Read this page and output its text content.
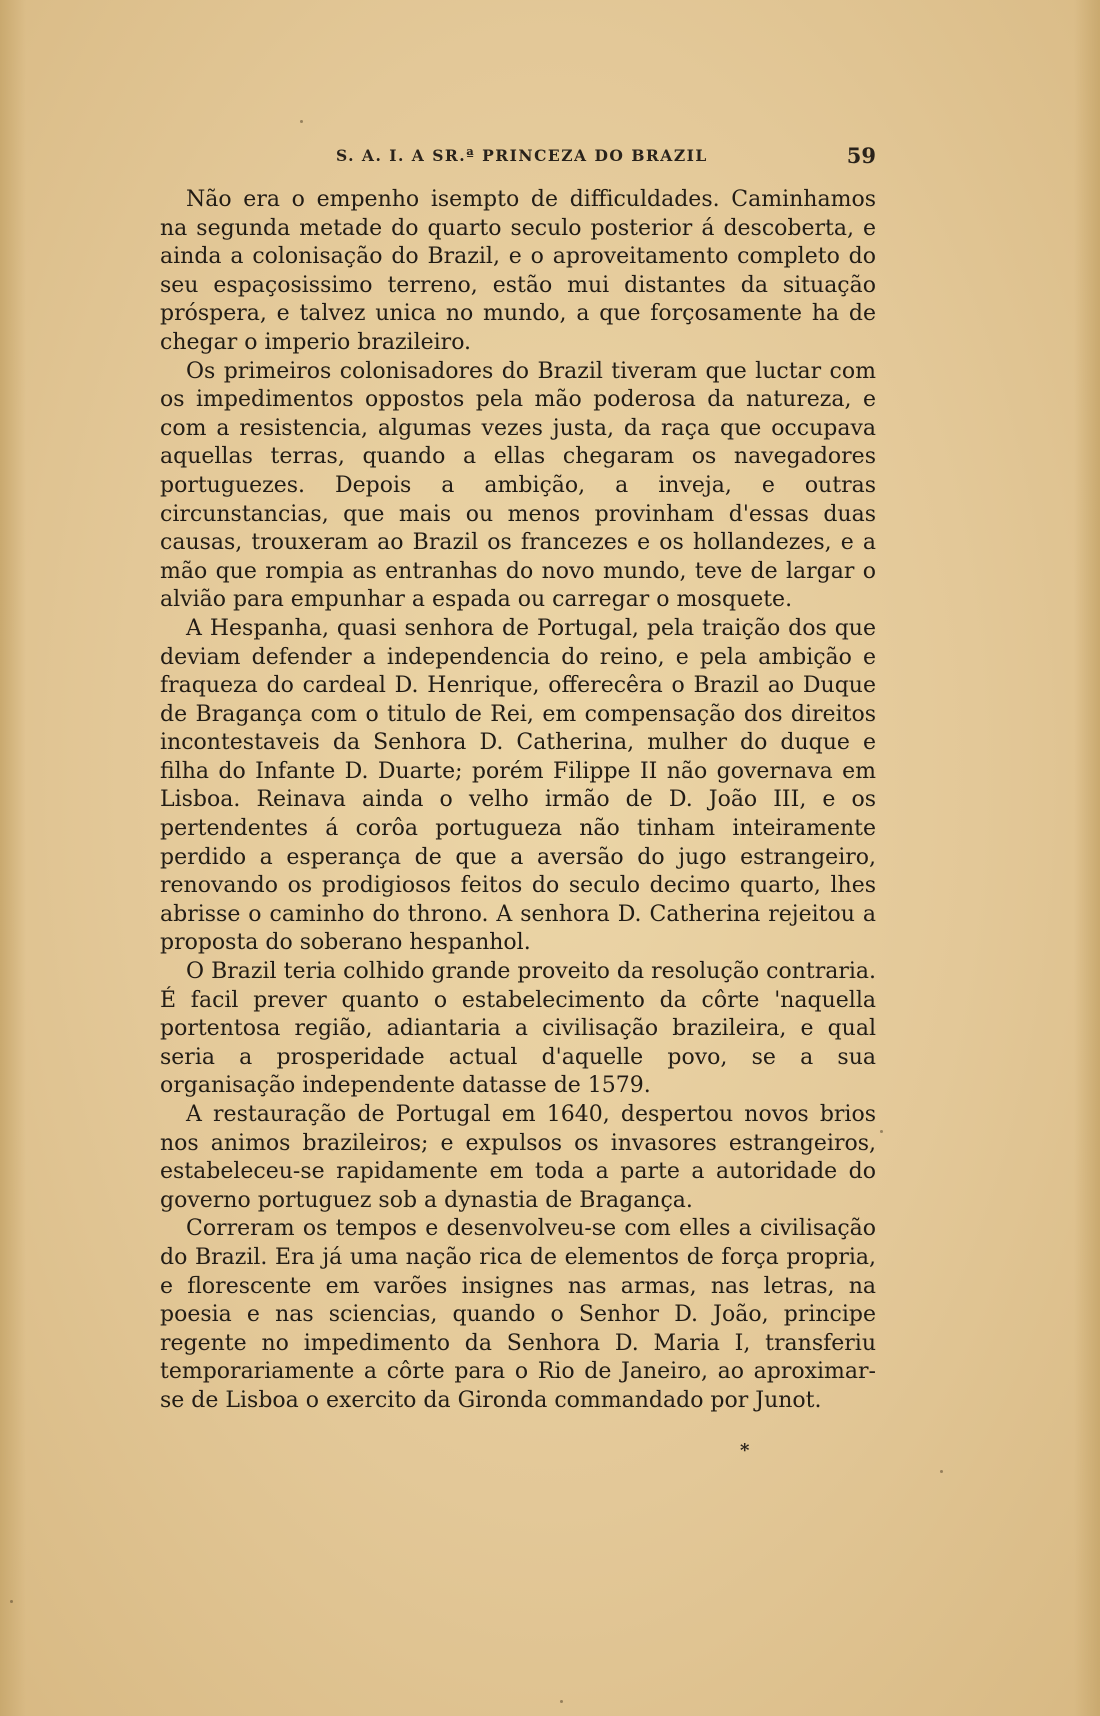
S. A. I. A SR.ª PRINCEZA DO BRAZIL	59

Não era o empenho isempto de difficuldades. Caminhamos na segunda metade do quarto seculo posterior á descoberta, e ainda a colonisação do Brazil, e o aproveitamento completo do seu espaçosissimo terreno, estão mui distantes da situação próspera, e talvez unica no mundo, a que forçosamente ha de chegar o imperio brazileiro.

Os primeiros colonisadores do Brazil tiveram que luctar com os impedimentos oppostos pela mão poderosa da natureza, e com a resistencia, algumas vezes justa, da raça que occupava aquellas terras, quando a ellas chegaram os navegadores portuguezes. Depois a ambição, a inveja, e outras circunstancias, que mais ou menos provinham d'essas duas causas, trouxeram ao Brazil os francezes e os hollandezes, e a mão que rompia as entranhas do novo mundo, teve de largar o alvião para empunhar a espada ou carregar o mosquete.

A Hespanha, quasi senhora de Portugal, pela traição dos que deviam defender a independencia do reino, e pela ambição e fraqueza do cardeal D. Henrique, offerecêra o Brazil ao Duque de Bragança com o titulo de Rei, em compensação dos direitos incontestaveis da Senhora D. Catherina, mulher do duque e filha do Infante D. Duarte; porém Filippe II não governava em Lisboa. Reinava ainda o velho irmão de D. João III, e os pertendentes á corôa portugueza não tinham inteiramente perdido a esperança de que a aversão do jugo estrangeiro, renovando os prodigiosos feitos do seculo decimo quarto, lhes abrisse o caminho do throno. A senhora D. Catherina rejeitou a proposta do soberano hespanhol.

O Brazil teria colhido grande proveito da resolução contraria. É facil prever quanto o estabelecimento da côrte 'naquella portentosa região, adiantaria a civilisação brazileira, e qual seria a prosperidade actual d'aquelle povo, se a sua organisação independente datasse de 1579.

A restauração de Portugal em 1640, despertou novos brios nos animos brazileiros; e expulsos os invasores estrangeiros, estabeleceu-se rapidamente em toda a parte a autoridade do governo portuguez sob a dynastia de Bragança.

Correram os tempos e desenvolveu-se com elles a civilisação do Brazil. Era já uma nação rica de elementos de força propria, e florescente em varões insignes nas armas, nas letras, na poesia e nas sciencias, quando o Senhor D. João, principe regente no impedimento da Senhora D. Maria I, transferiu temporariamente a côrte para o Rio de Janeiro, ao aproximar-se de Lisboa o exercito da Gironda commandado por Junot.

*
